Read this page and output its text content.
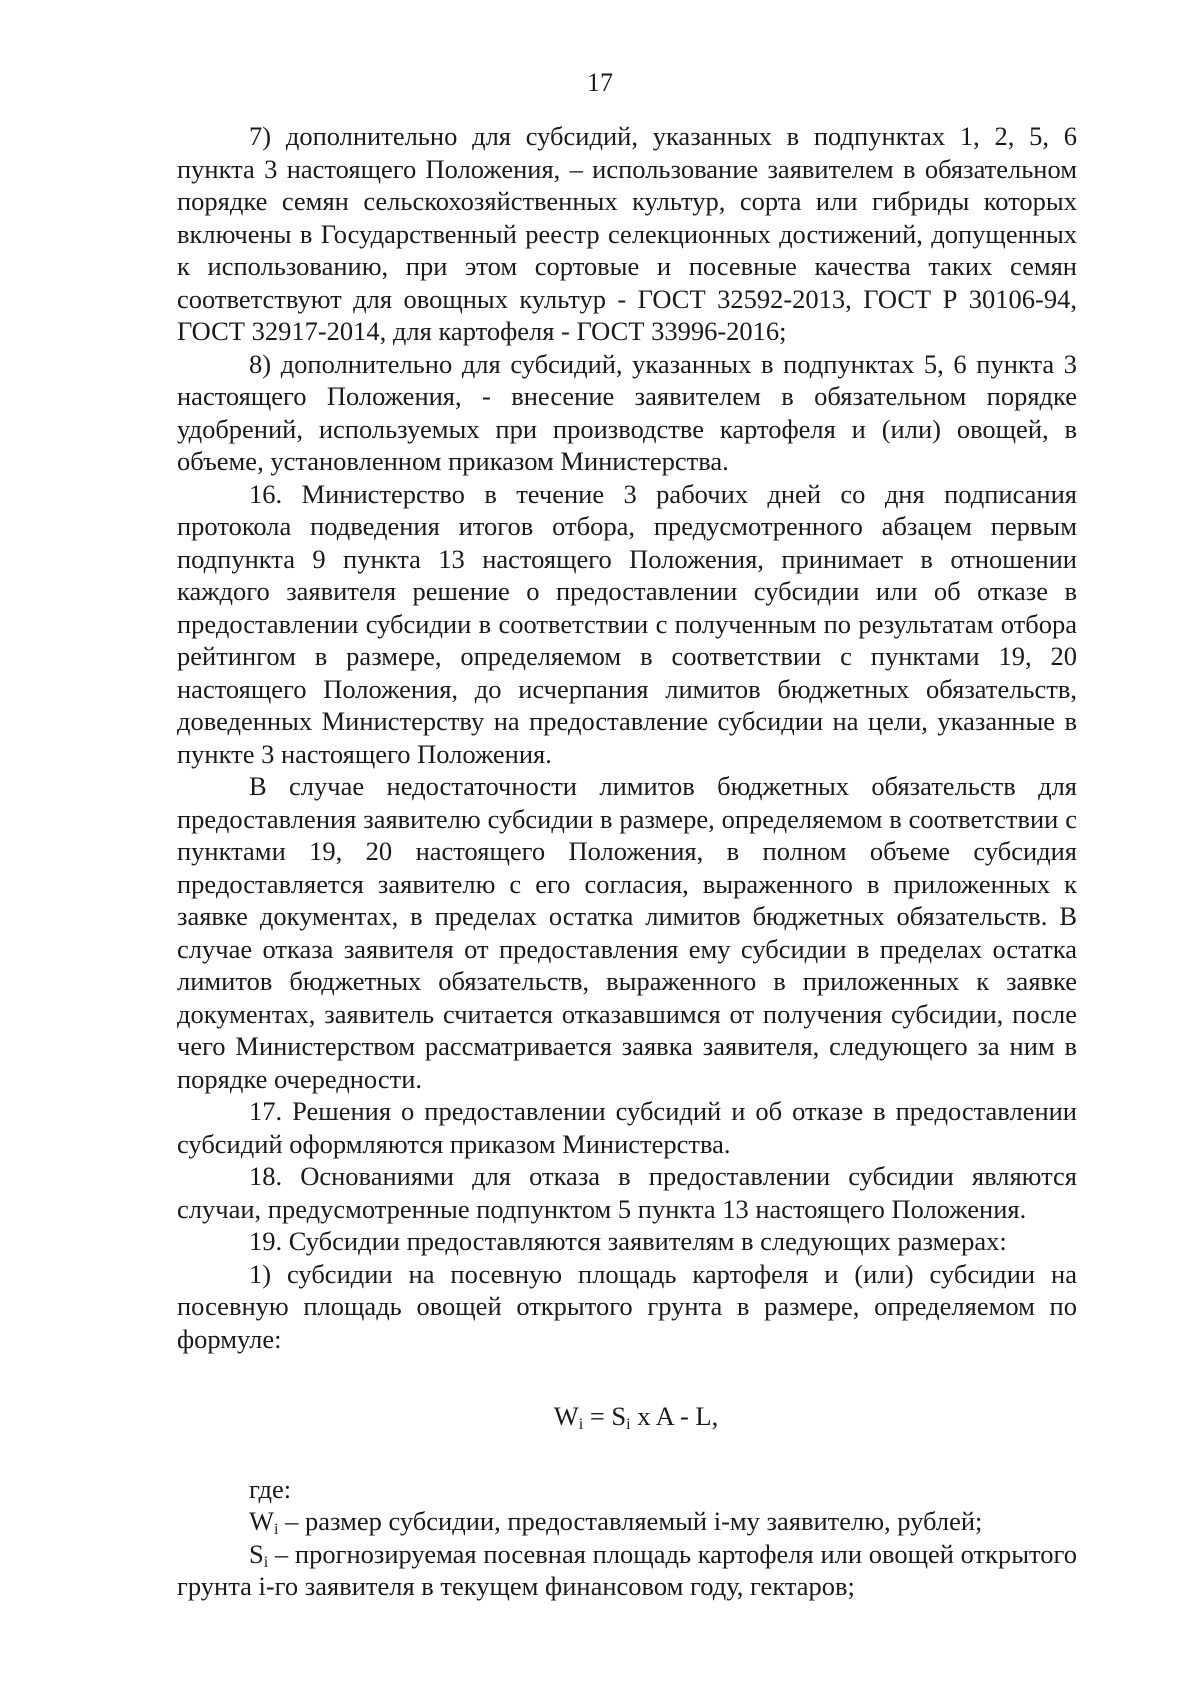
17

7) дополнительно для субсидий, указанных в подпунктах 1, 2, 5, 6 пункта 3 настоящего Положения, – использование заявителем в обязательном порядке семян сельскохозяйственных культур, сорта или гибриды которых включены в Государственный реестр селекционных достижений, допущенных к использованию, при этом сортовые и посевные качества таких семян соответствуют для овощных культур - ГОСТ 32592-2013, ГОСТ Р 30106-94, ГОСТ 32917-2014, для картофеля - ГОСТ 33996-2016;

8) дополнительно для субсидий, указанных в подпунктах 5, 6 пункта 3 настоящего Положения, - внесение заявителем в обязательном порядке удобрений, используемых при производстве картофеля и (или) овощей, в объеме, установленном приказом Министерства.

16. Министерство в течение 3 рабочих дней со дня подписания протокола подведения итогов отбора, предусмотренного абзацем первым подпункта 9 пункта 13 настоящего Положения, принимает в отношении каждого заявителя решение о предоставлении субсидии или об отказе в предоставлении субсидии в соответствии с полученным по результатам отбора рейтингом в размере, определяемом в соответствии с пунктами 19, 20 настоящего Положения, до исчерпания лимитов бюджетных обязательств, доведенных Министерству на предоставление субсидии на цели, указанные в пункте 3 настоящего Положения.

В случае недостаточности лимитов бюджетных обязательств для предоставления заявителю субсидии в размере, определяемом в соответствии с пунктами 19, 20 настоящего Положения, в полном объеме субсидия предоставляется заявителю с его согласия, выраженного в приложенных к заявке документах, в пределах остатка лимитов бюджетных обязательств. В случае отказа заявителя от предоставления ему субсидии в пределах остатка лимитов бюджетных обязательств, выраженного в приложенных к заявке документах, заявитель считается отказавшимся от получения субсидии, после чего Министерством рассматривается заявка заявителя, следующего за ним в порядке очередности.

17. Решения о предоставлении субсидий и об отказе в предоставлении субсидий оформляются приказом Министерства.

18. Основаниями для отказа в предоставлении субсидии являются случаи, предусмотренные подпунктом 5 пункта 13 настоящего Положения.

19. Субсидии предоставляются заявителям в следующих размерах:

1) субсидии на посевную площадь картофеля и (или) субсидии на посевную площадь овощей открытого грунта в размере, определяемом по формуле:

$W_i = S_i$ x A - L,

где:

Wi – размер субсидии, предоставляемый i-му заявителю, рублей;

Si – прогнозируемая посевная площадь картофеля или овощей открытого грунта i-го заявителя в текущем финансовом году, гектаров;
